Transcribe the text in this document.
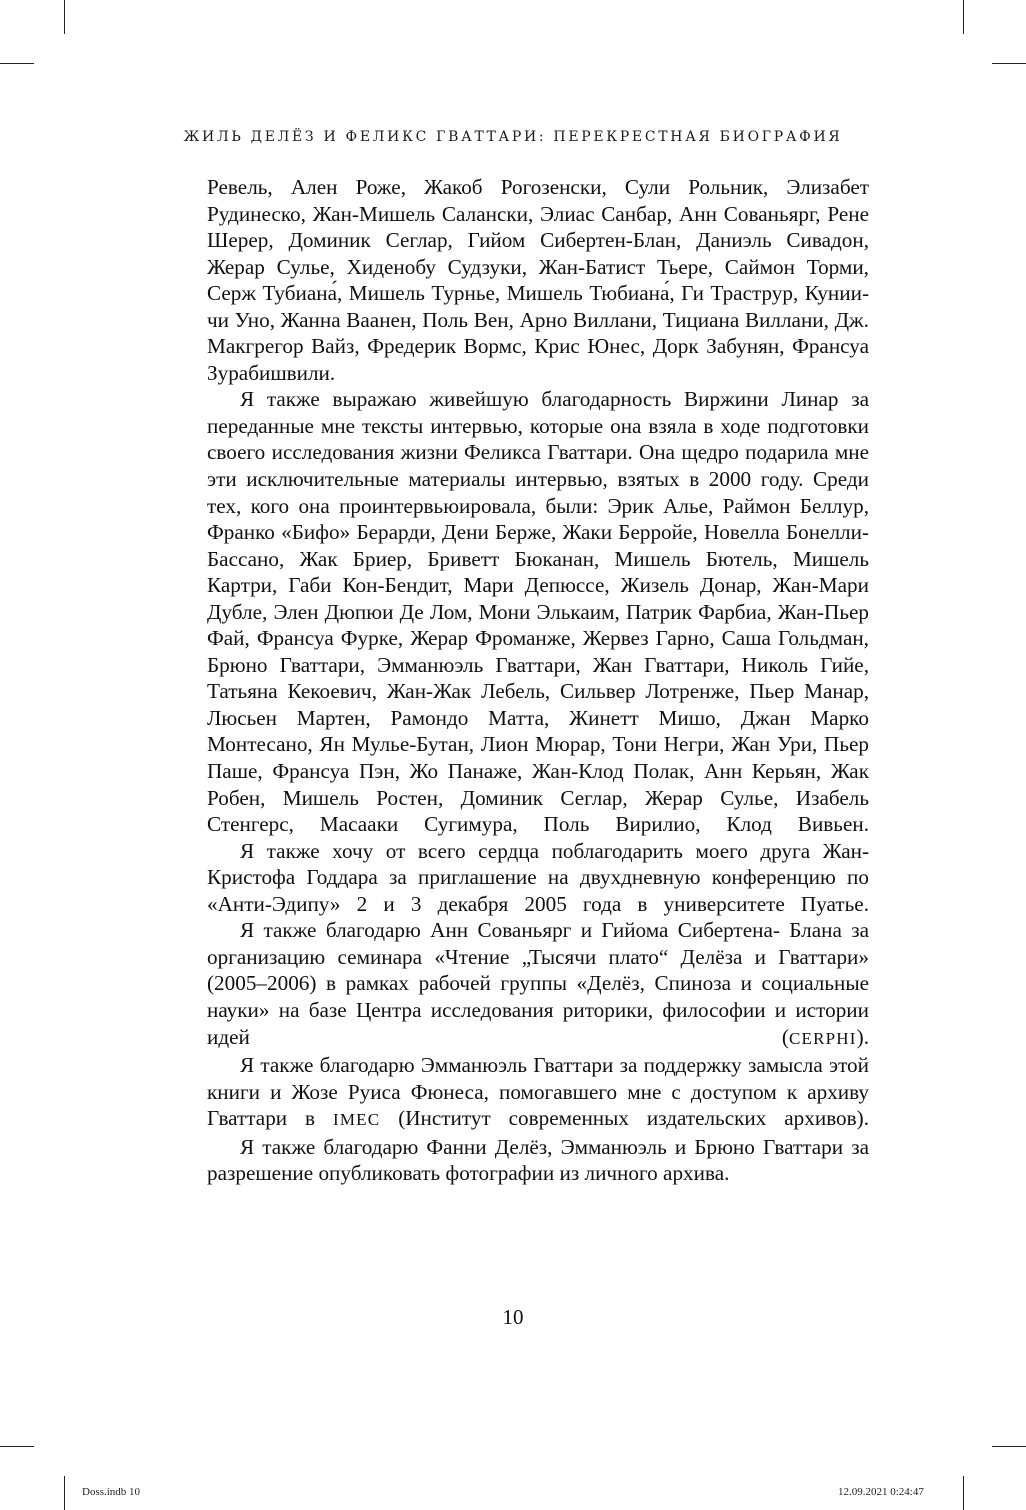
ЖИЛЬ ДЕЛЁЗ И ФЕЛИКС ГВАТТАРИ: ПЕРЕКРЕСТНАЯ БИОГРАФИЯ

Ревель, Ален Роже, Жакоб Рогозенски, Сули Рольник, Элизабет Рудинеско, Жан-Мишель Салански, Элиас Санбар, Анн Сованьярг, Рене Шерер, Доминик Сеглар, Гийом Сибертен-Блан, Даниэль Сивадон, Жерар Сулье, Хиденобу Судзуки, Жан-Батист Тьере, Саймон Торми, Серж Тубиана́, Мишель Турнье, Мишель Тюбиана́, Ги Траструр, Куниичи Уно, Жанна Ваанен, Поль Вен, Арно Виллани, Тициана Виллани, Дж. Макгрегор Вайз, Фредерик Вормс, Крис Юнес, Дорк Забунян, Франсуа Зурабишвили.

Я также выражаю живейшую благодарность Виржини Линар за переданные мне тексты интервью, которые она взяла в ходе подготовки своего исследования жизни Феликса Гваттари. Она щедро подарила мне эти исключительные материалы интервью, взятых в 2000 году. Среди тех, кого она проинтервьюировала, были: Эрик Алье, Раймон Беллур, Франко «Бифо» Берарди, Дени Берже, Жаки Берройе, Новелла Бонелли-Бассано, Жак Бриер, Бриветт Бюканан, Мишель Бютель, Мишель Картри, Габи Кон-Бендит, Мари Депюссе, Жизель Донар, Жан-Мари Дубле, Элен Дюпюи Де Лом, Мони Элькаим, Патрик Фарбиа, Жан-Пьер Фай, Франсуа Фурке, Жерар Фроманже, Жервез Гарно, Саша Гольдман, Брюно Гваттари, Эмманюэль Гваттари, Жан Гваттари, Николь Гийе, Татьяна Кекоевич, Жан-Жак Лебель, Сильвер Лотренже, Пьер Манар, Люсьен Мартен, Рамондо Матта, Жинетт Мишо, Джан Марко Монтесано, Ян Мулье-Бутан, Лион Мюрар, Тони Негри, Жан Ури, Пьер Паше, Франсуа Пэн, Жо Панаже, Жан-Клод Полак, Анн Керьян, Жак Робен, Мишель Ростен, Доминик Сеглар, Жерар Сулье, Изабель Стенгерс, Масааки Сугимура, Поль Вирилио, Клод Вивьен.

Я также хочу от всего сердца поблагодарить моего друга Жан-Кристофа Годдара за приглашение на двухдневную конференцию по «Анти-Эдипу» 2 и 3 декабря 2005 года в университете Пуатье.

Я также благодарю Анн Сованьярг и Гийома Сибертена- Блана за организацию семинара «Чтение „Тысячи плато“ Делёза и Гваттари» (2005–2006) в рамках рабочей группы «Делёз, Спиноза и социальные науки» на базе Центра исследования риторики, философии и истории идей (CERPHI).

Я также благодарю Эмманюэль Гваттари за поддержку замысла этой книги и Жозе Руиса Фюнеса, помогавшего мне с доступом к архиву Гваттари в IMEC (Институт современных издательских архивов).

Я также благодарю Фанни Делёз, Эмманюэль и Брюно Гваттари за разрешение опубликовать фотографии из личного архива.

10
Doss.indb 10	12.09.2021 0:24:47
